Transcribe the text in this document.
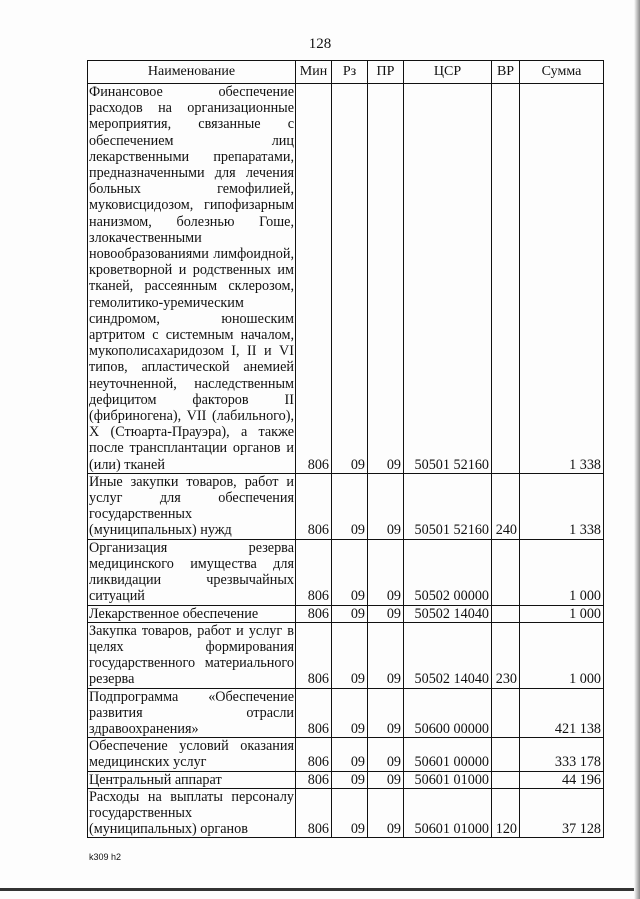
128
Наименование	Мин	Рз	ПР	ЦСР	ВР	Сумма
Финансовое обеспечение расходов на организационные мероприятия, связанные с обеспечением лиц лекарственными препаратами, предназначенными для лечения больных гемофилией, муковисцидозом, гипофизарным нанизмом, болезнью Гоше, злокачественными новообразованиями лимфоидной, кроветворной и родственных им тканей, рассеянным склерозом, гемолитико-уремическим синдромом, юношеским артритом с системным началом, мукополисахаридозом I, II и VI типов, апластической анемией неуточненной, наследственным дефицитом факторов II (фибриногена), VII (лабильного), X (Стюарта-Прауэра), а также после трансплантации органов и (или) тканей	806	09	09	50501 52160		1 338
Иные закупки товаров, работ и услуг для обеспечения государственных (муниципальных) нужд	806	09	09	50501 52160	240	1 338
Организация резерва медицинского имущества для ликвидации чрезвычайных ситуаций	806	09	09	50502 00000		1 000
Лекарственное обеспечение	806	09	09	50502 14040		1 000
Закупка товаров, работ и услуг в целях формирования государственного материального резерва	806	09	09	50502 14040	230	1 000
Подпрограмма «Обеспечение развития отрасли здравоохранения»	806	09	09	50600 00000		421 138
Обеспечение условий оказания медицинских услуг	806	09	09	50601 00000		333 178
Центральный аппарат	806	09	09	50601 01000		44 196
Расходы на выплаты персоналу государственных (муниципальных) органов	806	09	09	50601 01000	120	37 128
k309 h2
